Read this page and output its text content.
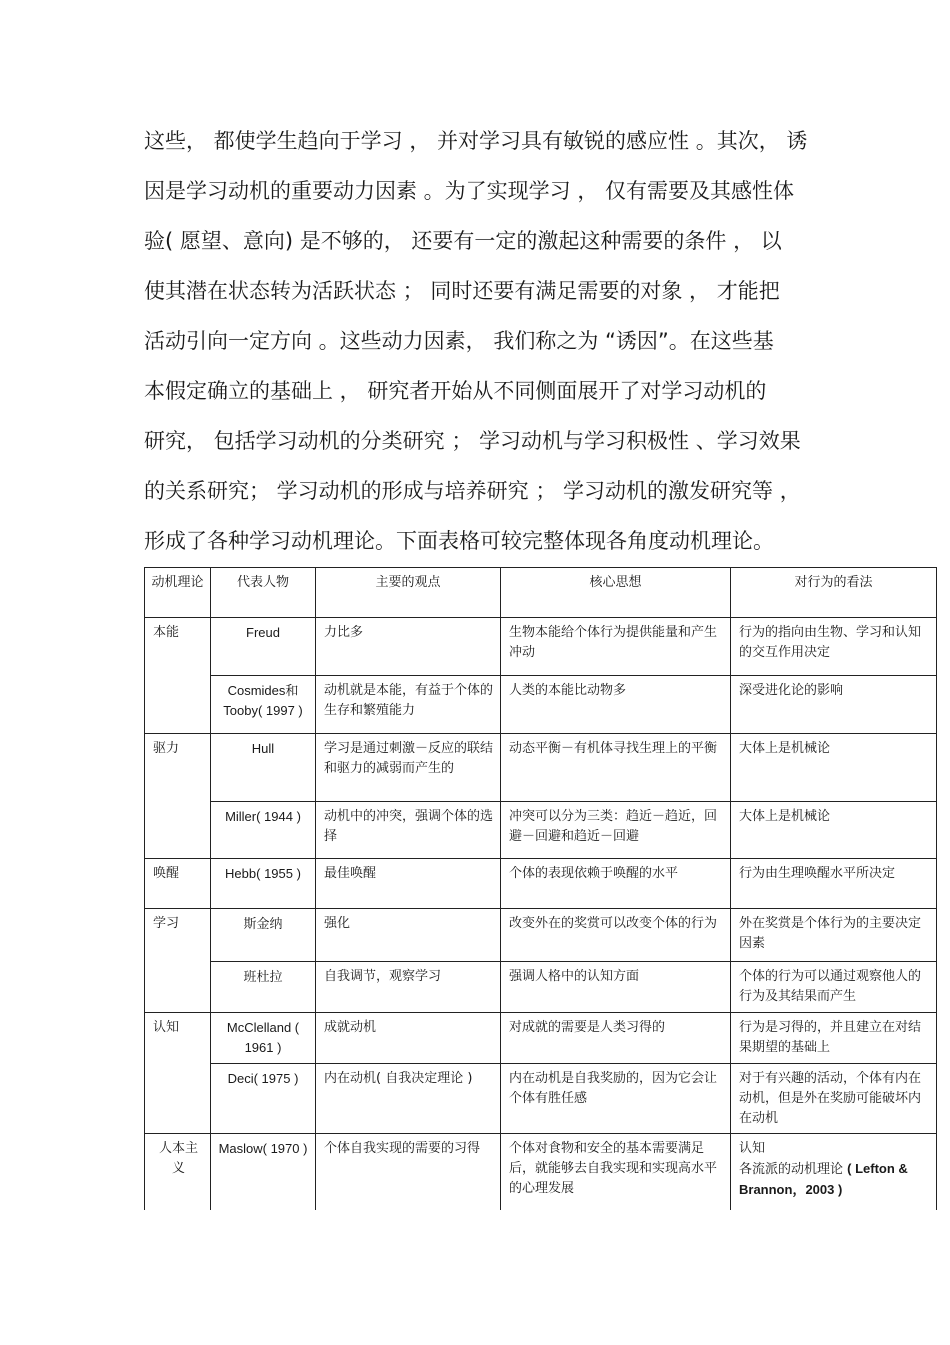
这些， 都使学生趋向于学习 ， 并对学习具有敏锐的感应性 。其次， 诱
因是学习动机的重要动力因素 。为了实现学习 ， 仅有需要及其感性体
验( 愿望、意向) 是不够的， 还要有一定的激起这种需要的条件 ， 以
使其潜在状态转为活跃状态 ； 同时还要有满足需要的对象 ， 才能把
活动引向一定方向 。这些动力因素， 我们称之为 “诱因”。在这些基
本假定确立的基础上 ， 研究者开始从不同侧面展开了对学习动机的
研究， 包括学习动机的分类研究 ； 学习动机与学习积极性 、学习效果
的关系研究； 学习动机的形成与培养研究 ； 学习动机的激发研究等 ，
形成了各种学习动机理论。下面表格可较完整体现各角度动机理论。
动机理论	代表人物	主要的观点	核心思想	对行为的看法
本能	Freud	力比多	生物本能给个体行为提供能量和产生冲动	行为的指向由生物、学习和认知的交互作用决定
	Cosmides和 Tooby( 1997 )	动机就是本能，有益于个体的生存和繁殖能力	人类的本能比动物多	深受进化论的影响
驱力	Hull	学习是通过刺激－反应的联结和驱力的减弱而产生的	动态平衡－有机体寻找生理上的平衡	大体上是机械论
	Miller( 1944 )	动机中的冲突，强调个体的选择	冲突可以分为三类：趋近－趋近，回避－回避和趋近－回避	大体上是机械论
唤醒	Hebb( 1955 )	最佳唤醒	个体的表现依赖于唤醒的水平	行为由生理唤醒水平所决定
学习	斯金纳	强化	改变外在的奖赏可以改变个体的行为	外在奖赏是个体行为的主要决定因素
	班杜拉	自我调节，观察学习	强调人格中的认知方面	个体的行为可以通过观察他人的行为及其结果而产生
认知	McClelland ( 1961 )	成就动机	对成就的需要是人类习得的	行为是习得的，并且建立在对结果期望的基础上
	Deci( 1975 )	内在动机( 自我决定理论 )	内在动机是自我奖励的，因为它会让个体有胜任感	对于有兴趣的活动，个体有内在动机，但是外在奖励可能破坏内在动机
人本主义	Maslow( 1970 )	个体自我实现的需要的习得	个体对食物和安全的基本需要满足后，就能够去自我实现和实现高水平的心理发展	认知
各流派的动机理论 ( Lefton & Brannon，2003 )
